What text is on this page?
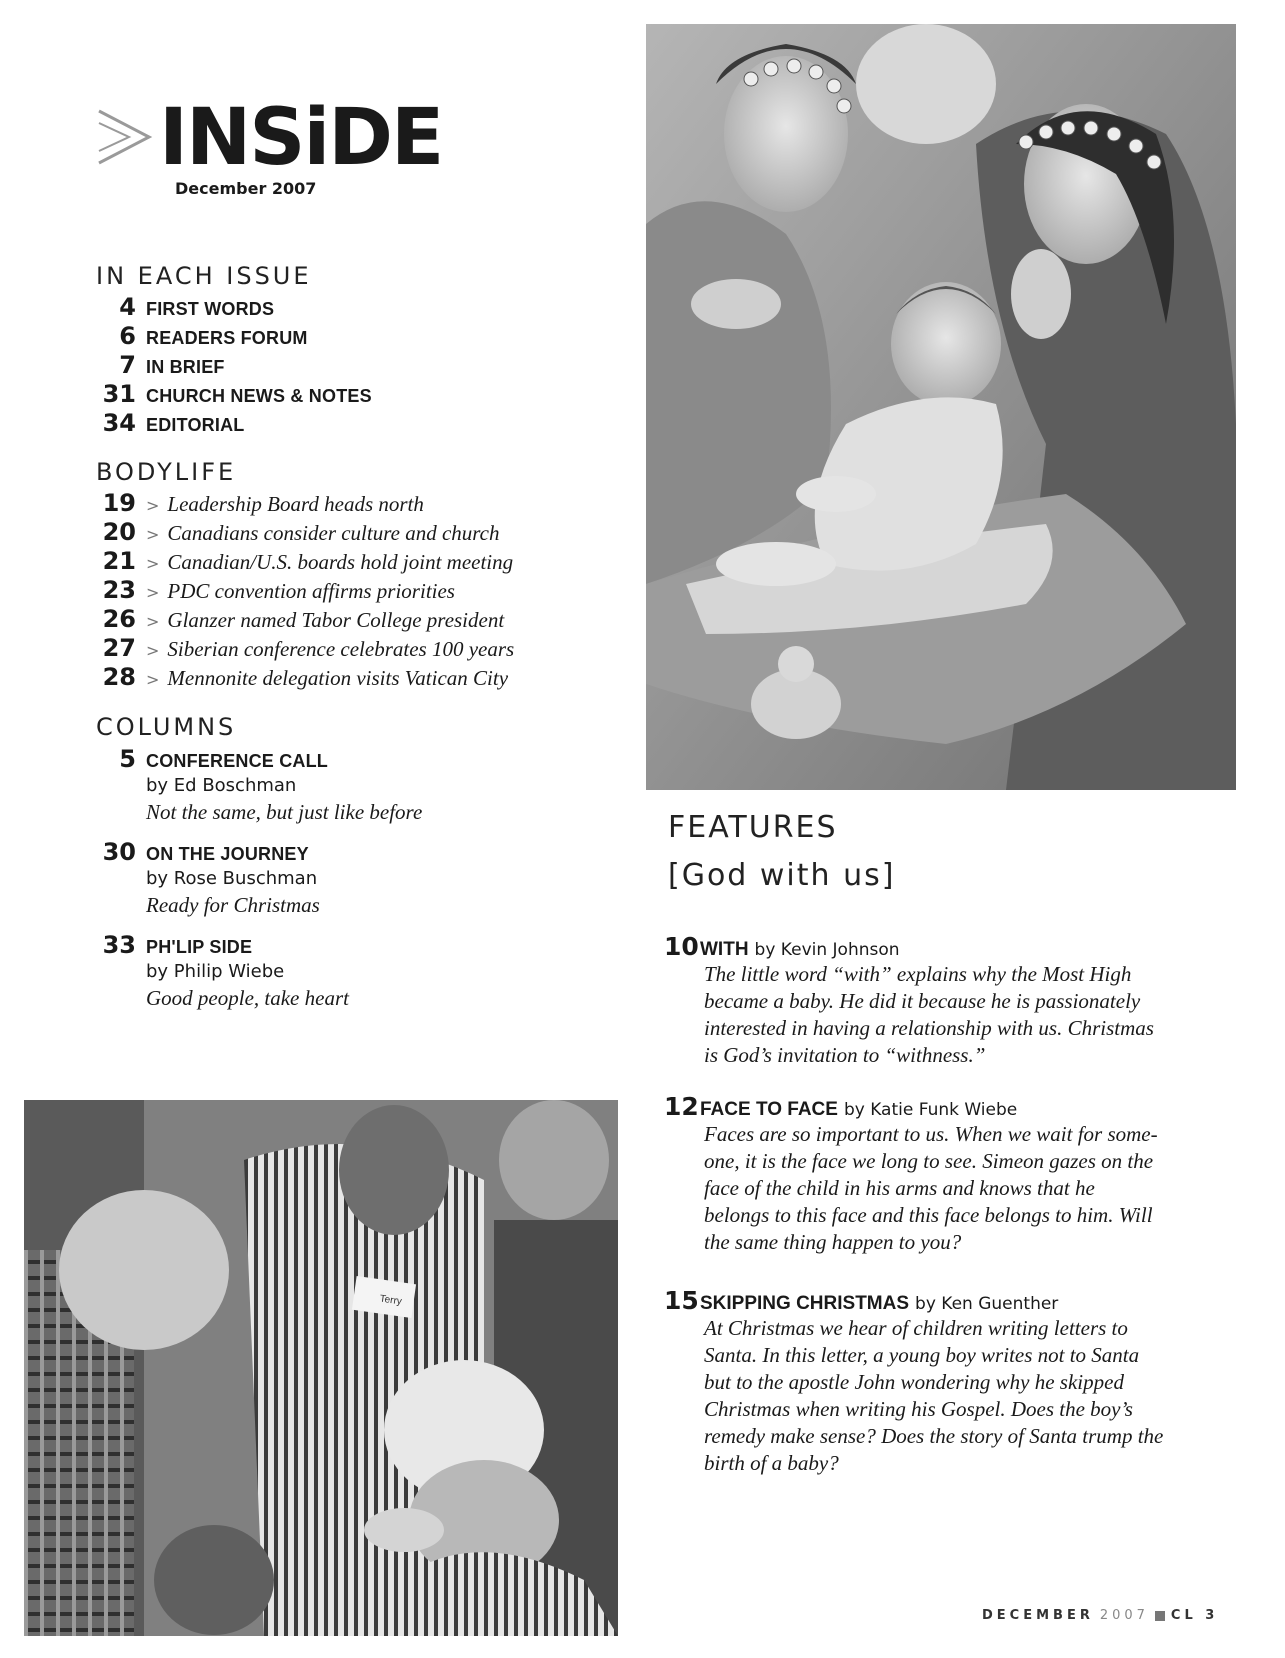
INSiDE
December 2007
IN EACH ISSUE
4 FIRST WORDS
6 READERS FORUM
7 IN BRIEF
31 CHURCH NEWS & NOTES
34 EDITORIAL
BODYLIFE
19 > Leadership Board heads north
20 > Canadians consider culture and church
21 > Canadian/U.S. boards hold joint meeting
23 > PDC convention affirms priorities
26 > Glanzer named Tabor College president
27 > Siberian conference celebrates 100 years
28 > Mennonite delegation visits Vatican City
COLUMNS
5 CONFERENCE CALL
by Ed Boschman
Not the same, but just like before
30 ON THE JOURNEY
by Rose Buschman
Ready for Christmas
33 PH'LIP SIDE
by Philip Wiebe
Good people, take heart
FEATURES
[God with us]
10 WITH by Kevin Johnson
The little word “with” explains why the Most High became a baby. He did it because he is passionately interested in having a relationship with us. Christmas is God’s invitation to “withness.”
12 FACE TO FACE by Katie Funk Wiebe
Faces are so important to us. When we wait for some-one, it is the face we long to see. Simeon gazes on the face of the child in his arms and knows that he belongs to this face and this face belongs to him. Will the same thing happen to you?
15 SKIPPING CHRISTMAS by Ken Guenther
At Christmas we hear of children writing letters to Santa. In this letter, a young boy writes not to Santa but to the apostle John wondering why he skipped Christmas when writing his Gospel. Does the boy’s remedy make sense? Does the story of Santa trump the birth of a baby?
Terry
DECEMBER 2007 CL 3
